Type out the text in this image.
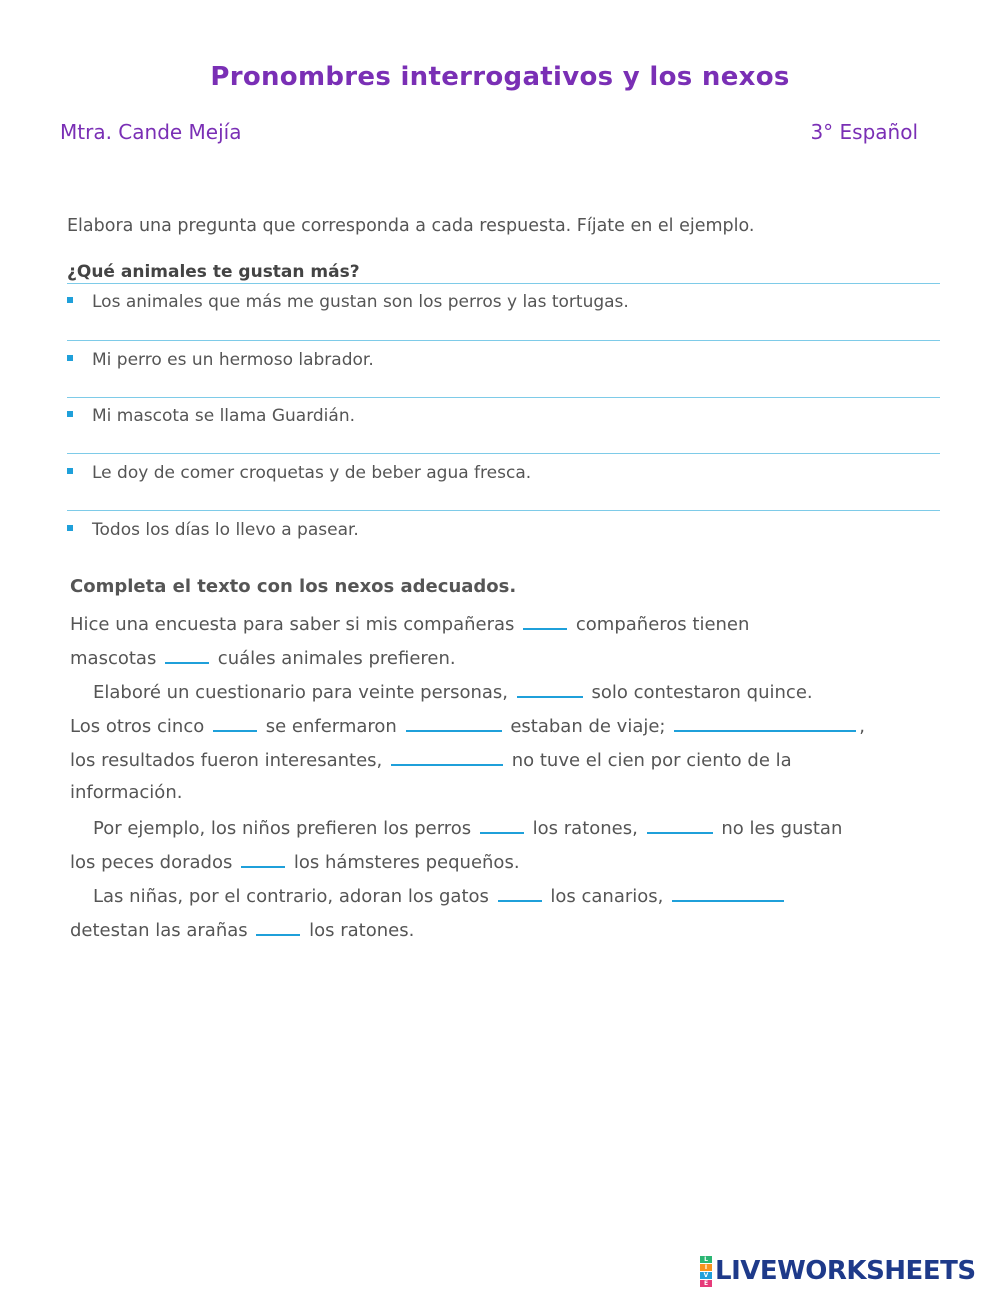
Pronombres interrogativos y los nexos
Mtra. Cande Mejía	3° Español
Elabora una pregunta que corresponda a cada respuesta. Fíjate en el ejemplo.
¿Qué animales te gustan más?
Los animales que más me gustan son los perros y las tortugas.
Mi perro es un hermoso labrador.
Mi mascota se llama Guardián.
Le doy de comer croquetas y de beber agua fresca.
Todos los días lo llevo a pasear.
Completa el texto con los nexos adecuados.
Hice una encuesta para saber si mis compañeras	compañeros tienen
mascotas	cuáles animales prefieren.
Elaboré un cuestionario para veinte personas,	solo contestaron quince.
Los otros cinco	se enfermaron	estaban de viaje;	,
los resultados fueron interesantes,	no tuve el cien por ciento de la
información.
Por ejemplo, los niños prefieren los perros	los ratones,	no les gustan
los peces dorados	los hámsteres pequeños.
Las niñas, por el contrario, adoran los gatos	los canarios,
detestan las arañas	los ratones.
L
I
V
E LIVEWORKSHEETS
